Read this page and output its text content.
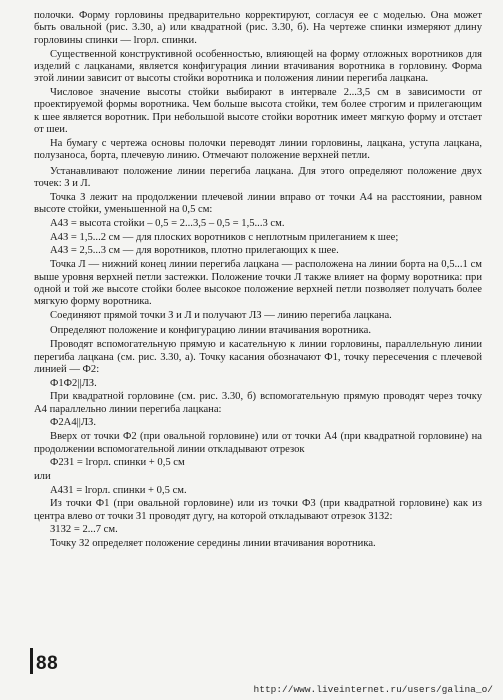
полочки. Форму горловины предварительно корректируют, согласуя ее с моделью. Она может быть овальной (рис. 3.30, а) или квадратной (рис. 3.30, б). На чертеже спинки измеряют длину горловины спинки — lгорл. спинки.

Существенной конструктивной особенностью, влияющей на форму отложных воротников для изделий с лацканами, является конфигурация линии втачивания воротника в горловину. Форма этой линии зависит от высоты стойки воротника и положения линии перегиба лацкана.

Числовое значение высоты стойки выбирают в интервале 2...3,5 см в зависимости от проектируемой формы воротника. Чем больше высота стойки, тем более строгим и прилегающим к шее является воротник. При небольшой высоте стойки воротник имеет мягкую форму и отстает от шеи.

На бумагу с чертежа основы полочки переводят линии горловины, лацкана, уступа лацкана, полузаноса, борта, плечевую линию. Отмечают положение верхней петли.

Устанавливают положение линии перегиба лацкана. Для этого определяют положение двух точек: З и Л.

Точка З лежит на продолжении плечевой линии вправо от точки А4 на расстоянии, равном высоте стойки, уменьшенной на 0,5 см:

А4З = высота стойки – 0,5 = 2...3,5 – 0,5 = 1,5...3 см.

А4З = 1,5...2 см — для плоских воротников с неплотным прилеганием к шее;

А4З = 2,5...3 см — для воротников, плотно прилегающих к шее.

Точка Л — нижний конец линии перегиба лацкана — расположена на линии борта на 0,5...1 см выше уровня верхней петли застежки. Положение точки Л также влияет на форму воротника: при одной и той же высоте стойки более высокое положение верхней петли позволяет получать более мягкую форму воротника.

Соединяют прямой точки З и Л и получают ЛЗ — линию перегиба лацкана.

Определяют положение и конфигурацию линии втачивания воротника.

Проводят вспомогательную прямую и касательную к линии горловины, параллельную линии перегиба лацкана (см. рис. 3.30, а). Точку касания обозначают Ф1, точку пересечения с плечевой линией — Ф2:

Ф1Ф2||ЛЗ.

При квадратной горловине (см. рис. 3.30, б) вспомогательную прямую проводят через точку А4 параллельно линии перегиба лацкана:

Ф2А4||ЛЗ.

Вверх от точки Ф2 (при овальной горловине) или от точки А4 (при квадратной горловине) на продолжении вспомогательной линии откладывают отрезок

Ф2З1 = lгорл. спинки + 0,5 см

или

А4З1 = lгорл. спинки + 0,5 см.

Из точки Ф1 (при овальной горловине) или из точки Ф3 (при квадратной горловине) как из центра влево от точки З1 проводят дугу, на которой откладывают отрезок З1З2:

З1З2 = 2...7 см.

Точку З2 определяет положение середины линии втачивания воротника.

88
http://www.liveinternet.ru/users/galina_o/
